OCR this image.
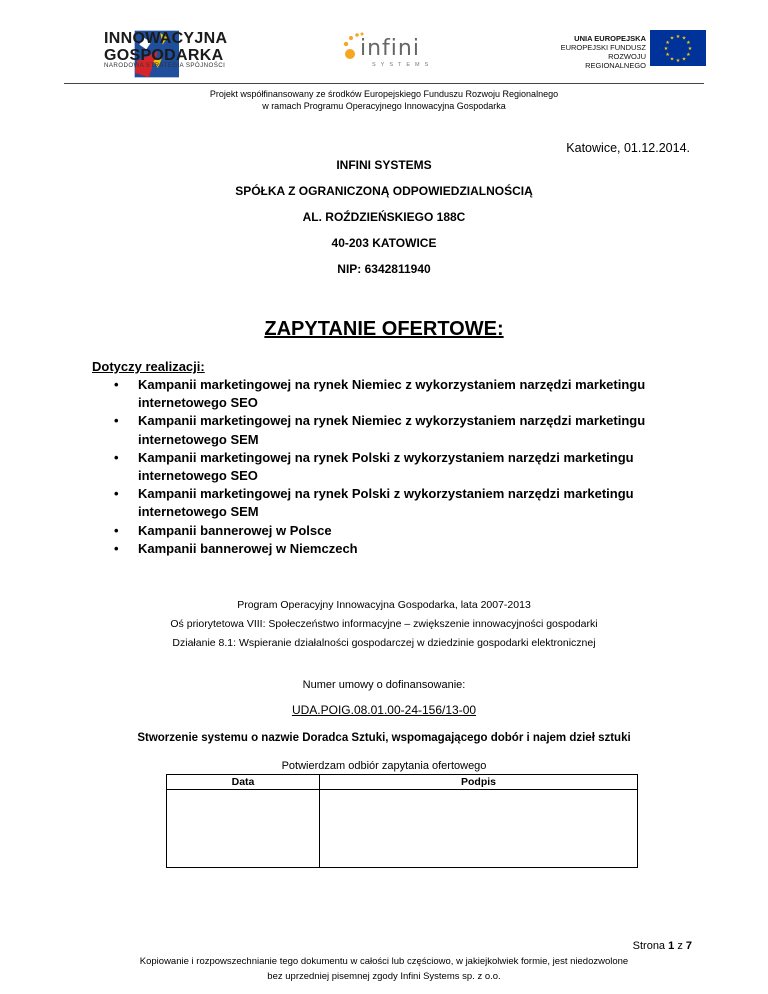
INNOWACYJNA
GOSPODARKA
NARODOWA STRATEGIA SPÓJNOŚCI
infini
SYSTEMS
UNIA EUROPEJSKA
EUROPEJSKI FUNDUSZ
ROZWOJU REGIONALNEGO
★ ★
★
★
★
★
★
★
★
★
★
★
Projekt współfinansowany ze środków Europejskiego Funduszu Rozwoju Regionalnego
w ramach Programu Operacyjnego Innowacyjna Gospodarka
Katowice, 01.12.2014.
INFINI SYSTEMS
SPÓŁKA Z OGRANICZONĄ ODPOWIEDZIALNOŚCIĄ
AL. ROŹDZIEŃSKIEGO 188C
40-203 KATOWICE
NIP: 6342811940
ZAPYTANIE OFERTOWE:
Dotyczy realizacji:
• Kampanii marketingowej na rynek Niemiec z wykorzystaniem narzędzi marketingu
internetowego SEO
• Kampanii marketingowej na rynek Niemiec z wykorzystaniem narzędzi marketingu
internetowego SEM
• Kampanii marketingowej na rynek Polski z wykorzystaniem narzędzi marketingu
internetowego SEO
• Kampanii marketingowej na rynek Polski z wykorzystaniem narzędzi marketingu
internetowego SEM
• Kampanii bannerowej w Polsce
• Kampanii bannerowej w Niemczech
Program Operacyjny Innowacyjna Gospodarka, lata 2007-2013
Oś priorytetowa VIII: Społeczeństwo informacyjne – zwiększenie innowacyjności gospodarki
Działanie 8.1: Wspieranie działalności gospodarczej w dziedzinie gospodarki elektronicznej
Numer umowy o dofinansowanie:
UDA.POIG.08.01.00-24-156/13-00
Stworzenie systemu o nazwie Doradca Sztuki, wspomagającego dobór i najem dzieł sztuki
Potwierdzam odbiór zapytania ofertowego
Data	Podpis

Strona 1 z 7
Kopiowanie i rozpowszechnianie tego dokumentu w całości lub częściowo, w jakiejkolwiek formie, jest niedozwolone
bez uprzedniej pisemnej zgody Infini Systems sp. z o.o.
